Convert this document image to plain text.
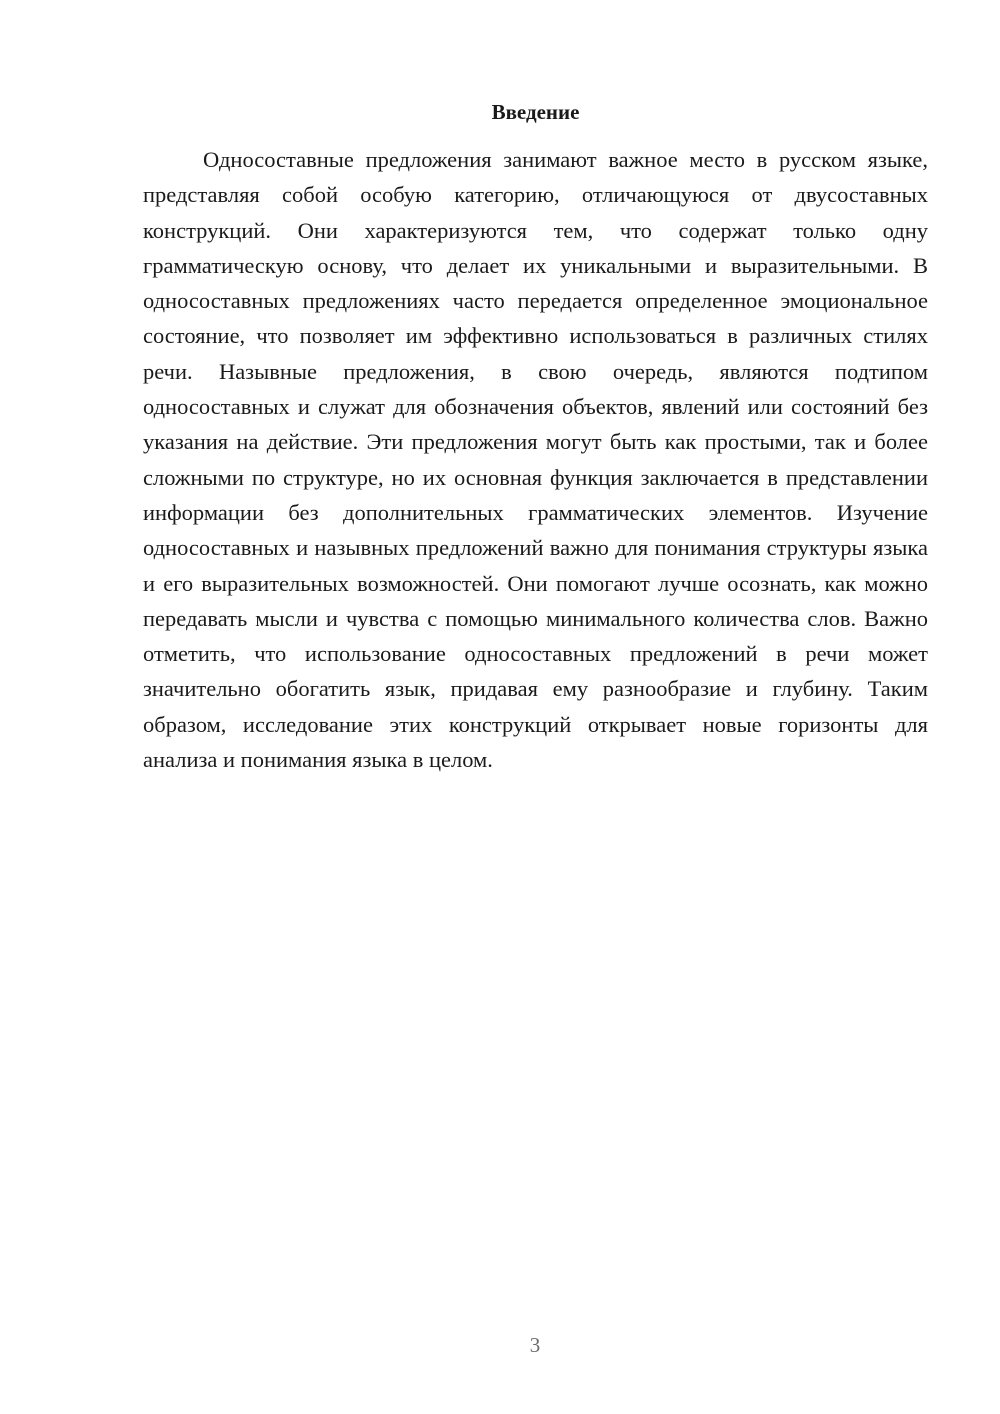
Введение

Односоставные предложения занимают важное место в русском языке, представляя собой особую категорию, отличающуюся от двусоставных конструкций. Они характеризуются тем, что содержат только одну грамматическую основу, что делает их уникальными и выразительными. В односоставных предложениях часто передается определенное эмоциональное состояние, что позволяет им эффективно использоваться в различных стилях речи. Назывные предложения, в свою очередь, являются подтипом односоставных и служат для обозначения объектов, явлений или состояний без указания на действие. Эти предложения могут быть как простыми, так и более сложными по структуре, но их основная функция заключается в представлении информации без дополнительных грамматических элементов. Изучение односоставных и назывных предложений важно для понимания структуры языка и его выразительных возможностей. Они помогают лучше осознать, как можно передавать мысли и чувства с помощью минимального количества слов. Важно отметить, что использование односоставных предложений в речи может значительно обогатить язык, придавая ему разнообразие и глубину. Таким образом, исследование этих конструкций открывает новые горизонты для анализа и понимания языка в целом.

3
